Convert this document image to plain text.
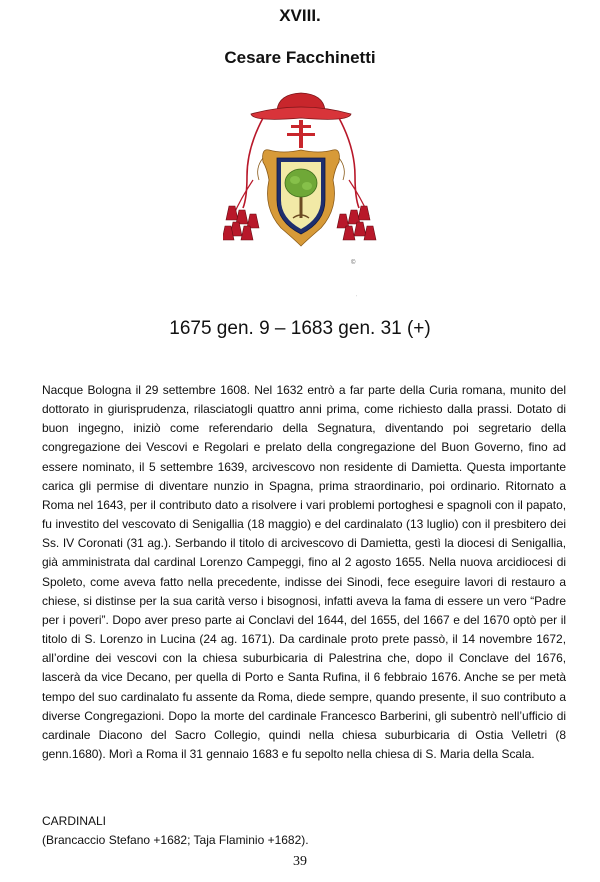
XVIII.
Cesare Facchinetti
©
˙
1675 gen. 9 – 1683 gen. 31 (+)

Nacque Bologna il 29 settembre 1608. Nel 1632 entrò a far parte della Curia romana, munito del dottorato in giurisprudenza, rilasciatogli quattro anni prima, come richiesto dalla prassi. Dotato di buon ingegno, iniziò come referendario della Segnatura, diventando poi segretario della congregazione dei Vescovi e Regolari e prelato della congregazione del Buon Governo, fino ad essere nominato, il 5 settembre 1639, arcivescovo non residente di Damietta. Questa importante carica gli permise di diventare nunzio in Spagna, prima straordinario, poi ordinario. Ritornato a Roma nel 1643, per il contributo dato a risolvere i vari problemi portoghesi e spagnoli con il papato, fu investito del vescovato di Senigallia (18 maggio) e del cardinalato (13 luglio) con il presbitero dei Ss. IV Coronati (31 ag.). Serbando il titolo di arcivescovo di Damietta, gestì la diocesi di Senigallia, già amministrata dal cardinal Lorenzo Campeggi, fino al 2 agosto 1655. Nella nuova arcidiocesi di Spoleto, come aveva fatto nella precedente, indisse dei Sinodi, fece eseguire lavori di restauro a chiese, si distinse per la sua carità verso i bisognosi, infatti aveva la fama di essere un vero “Padre per i poveri”. Dopo aver preso parte ai Conclavi del 1644, del 1655, del 1667 e del 1670 optò per il titolo di S. Lorenzo in Lucina (24 ag. 1671). Da cardinale proto prete passò, il 14 novembre 1672, all’ordine dei vescovi con la chiesa suburbicaria di Palestrina che, dopo il Conclave del 1676, lascerà da vice Decano, per quella di Porto e Santa Rufina, il 6 febbraio 1676. Anche se per metà tempo del suo cardinalato fu assente da Roma, diede sempre, quando presente, il suo contributo a diverse Congregazioni. Dopo la morte del cardinale Francesco Barberini, gli subentrò nell’ufficio di cardinale Diacono del Sacro Collegio, quindi nella chiesa suburbicaria di Ostia Velletri (8 genn.1680). Morì a Roma il 31 gennaio 1683 e fu sepolto nella chiesa di S. Maria della Scala.

CARDINALI
(Brancaccio Stefano +1682; Taja Flaminio +1682).
39
